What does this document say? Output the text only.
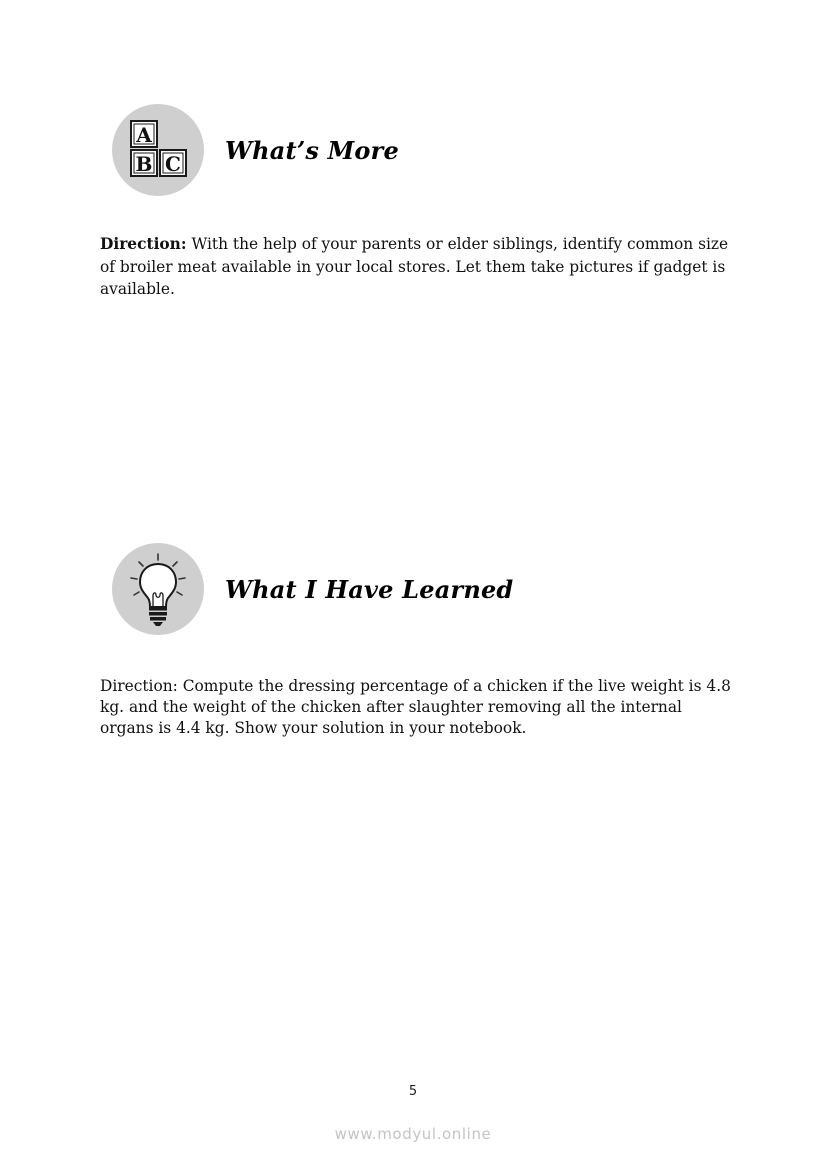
A
B C What’s More

Direction: With the help of your parents or elder siblings, identify common size of broiler meat available in your local stores. Let them take pictures if gadget is available.

What I Have Learned

Direction: Compute the dressing percentage of a chicken if the live weight is 4.8 kg. and the weight of the chicken after slaughter removing all the internal organs is 4.4 kg. Show your solution in your notebook.

5
www.modyul.online
